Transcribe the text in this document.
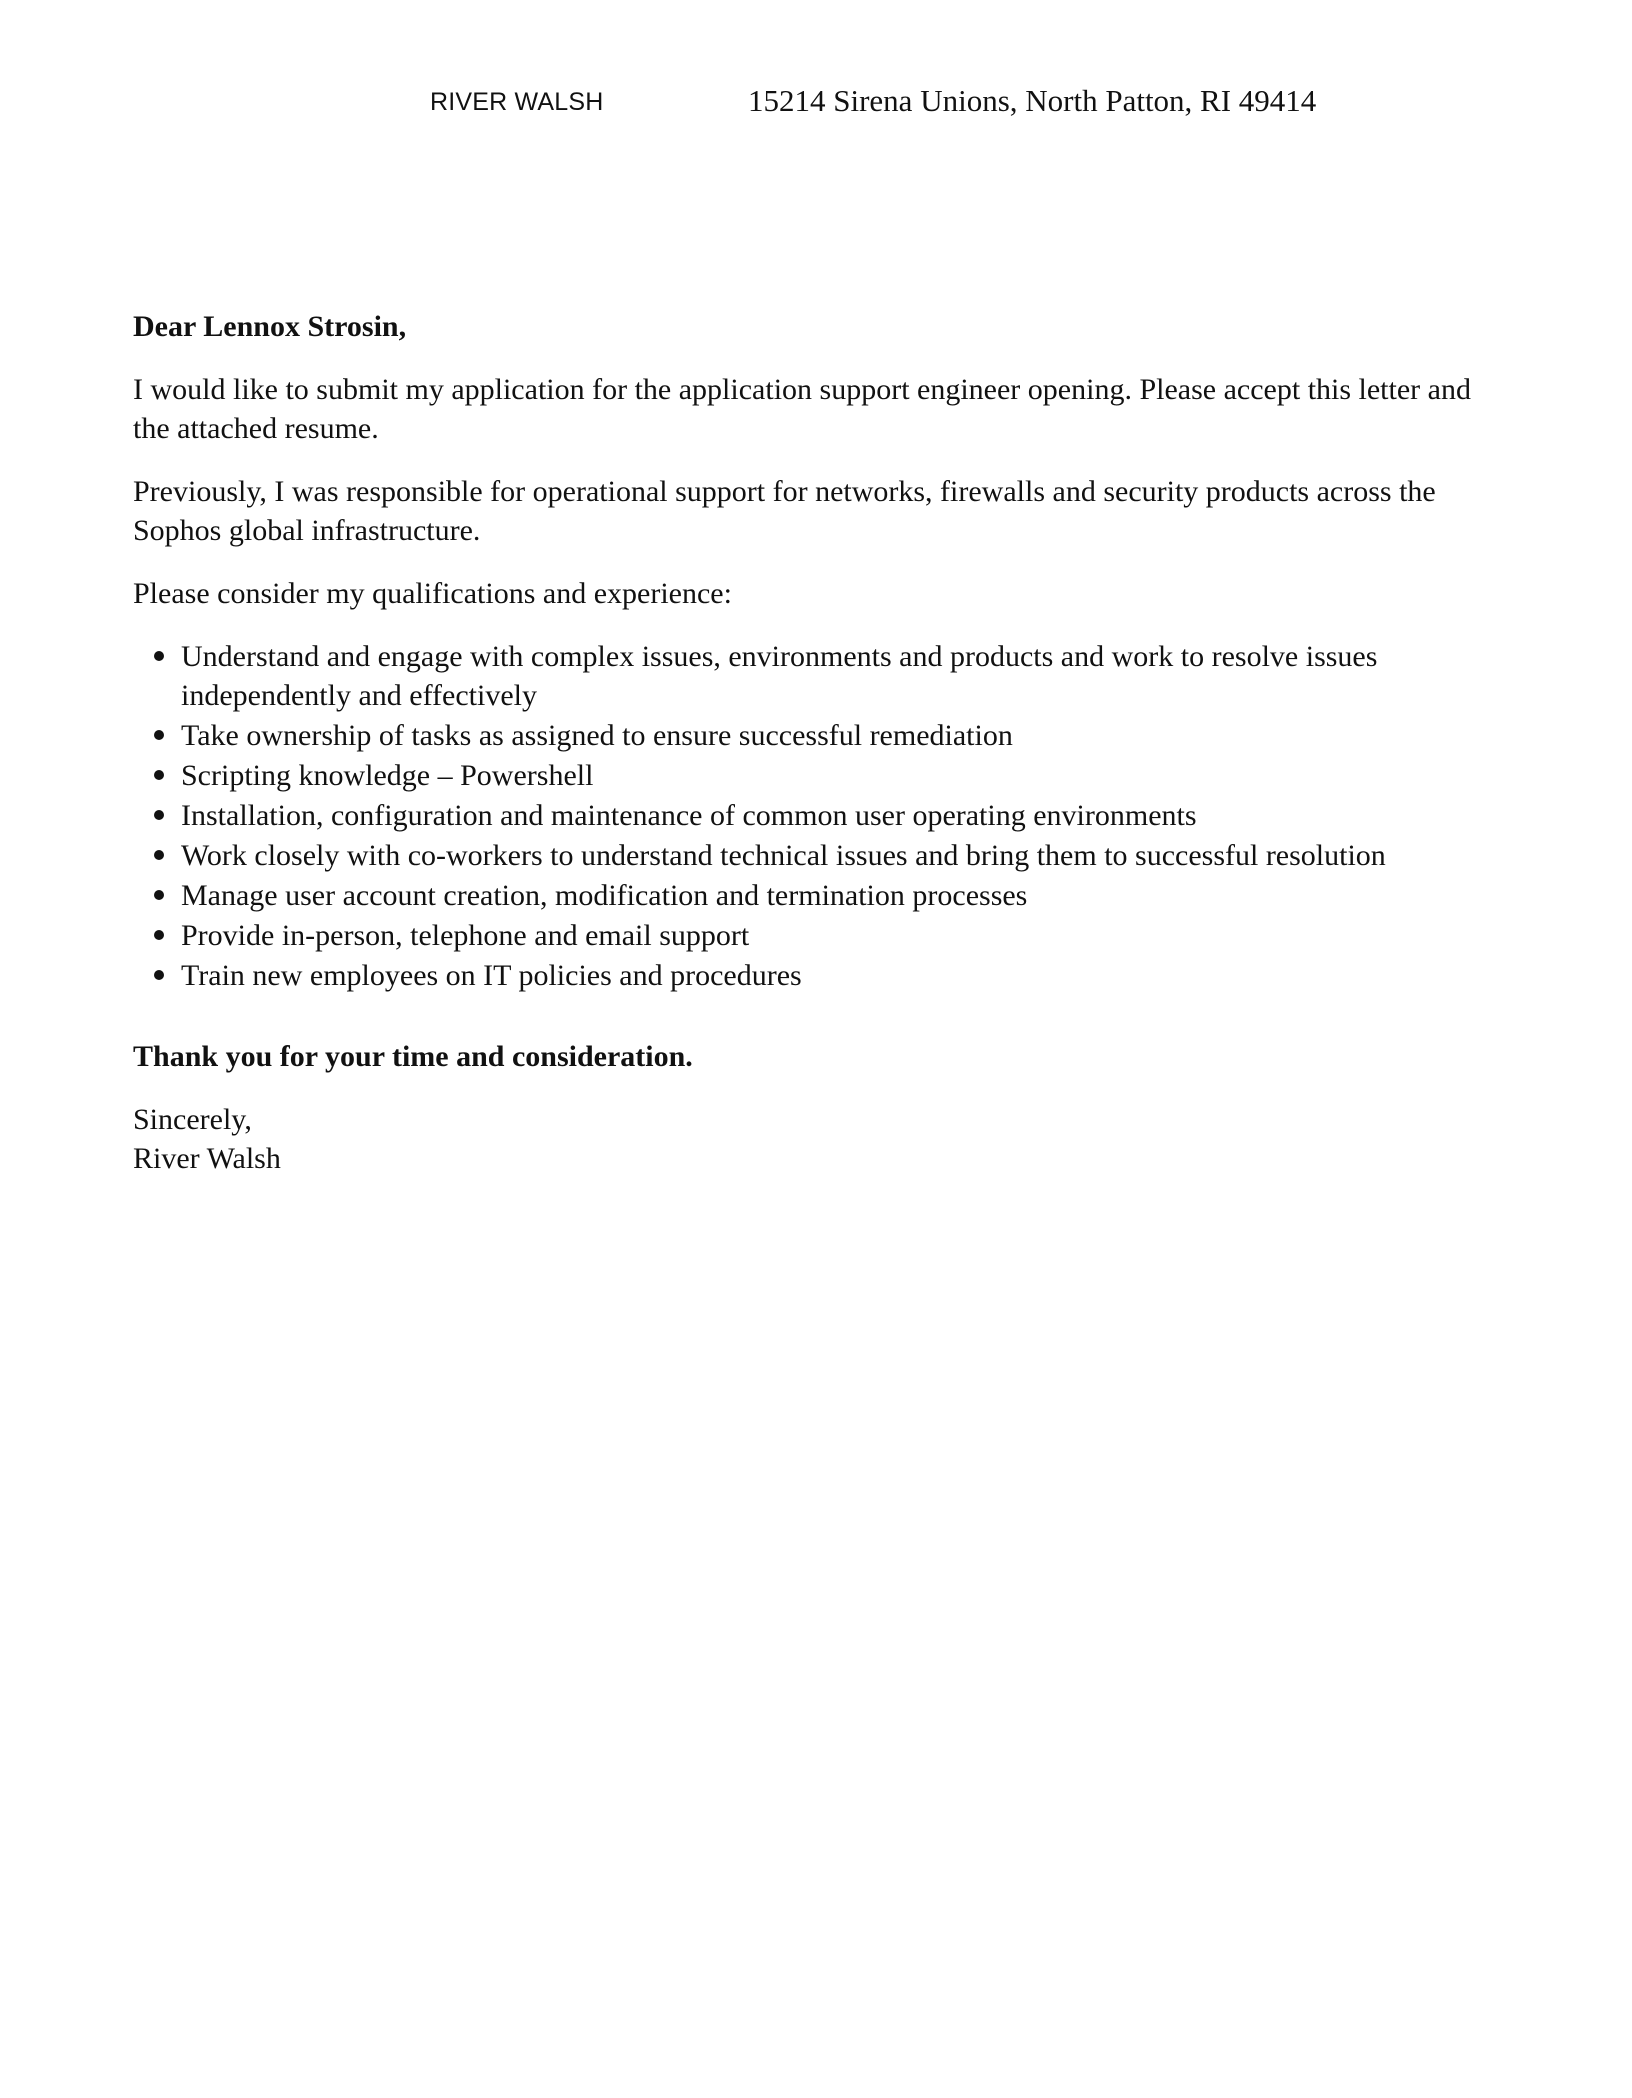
RIVER WALSH	15214 Sirena Unions, North Patton, RI 49414

Dear Lennox Strosin,

I would like to submit my application for the application support engineer opening. Please accept this letter and the attached resume.

Previously, I was responsible for operational support for networks, firewalls and security products across the Sophos global infrastructure.

Please consider my qualifications and experience:

Understand and engage with complex issues, environments and products and work to resolve issues independently and effectively
Take ownership of tasks as assigned to ensure successful remediation
Scripting knowledge – Powershell
Installation, configuration and maintenance of common user operating environments
Work closely with co-workers to understand technical issues and bring them to successful resolution
Manage user account creation, modification and termination processes
Provide in-person, telephone and email support
Train new employees on IT policies and procedures

Thank you for your time and consideration.

Sincerely,

River Walsh
